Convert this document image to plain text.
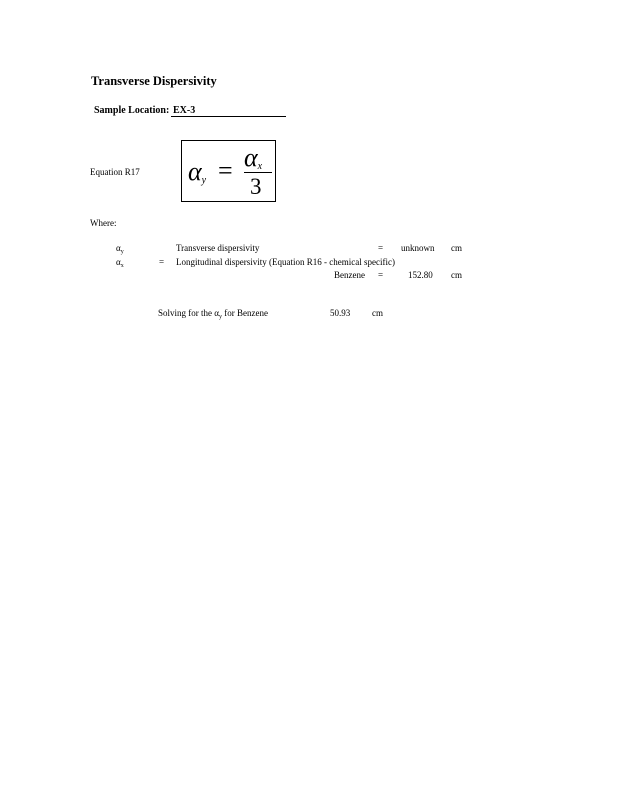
Transverse Dispersivity
Sample Location: EX-3
Equation R17 αy = αx
3
Where:
$\alpha_y$	Transverse dispersivity	= unknown cm
$\alpha_x$	= Longitudinal dispersivity (Equation R16 - chemical specific)
Benzene =	152.80 cm
Solving for the $\alpha_y$ for Benzene	50.93 cm
